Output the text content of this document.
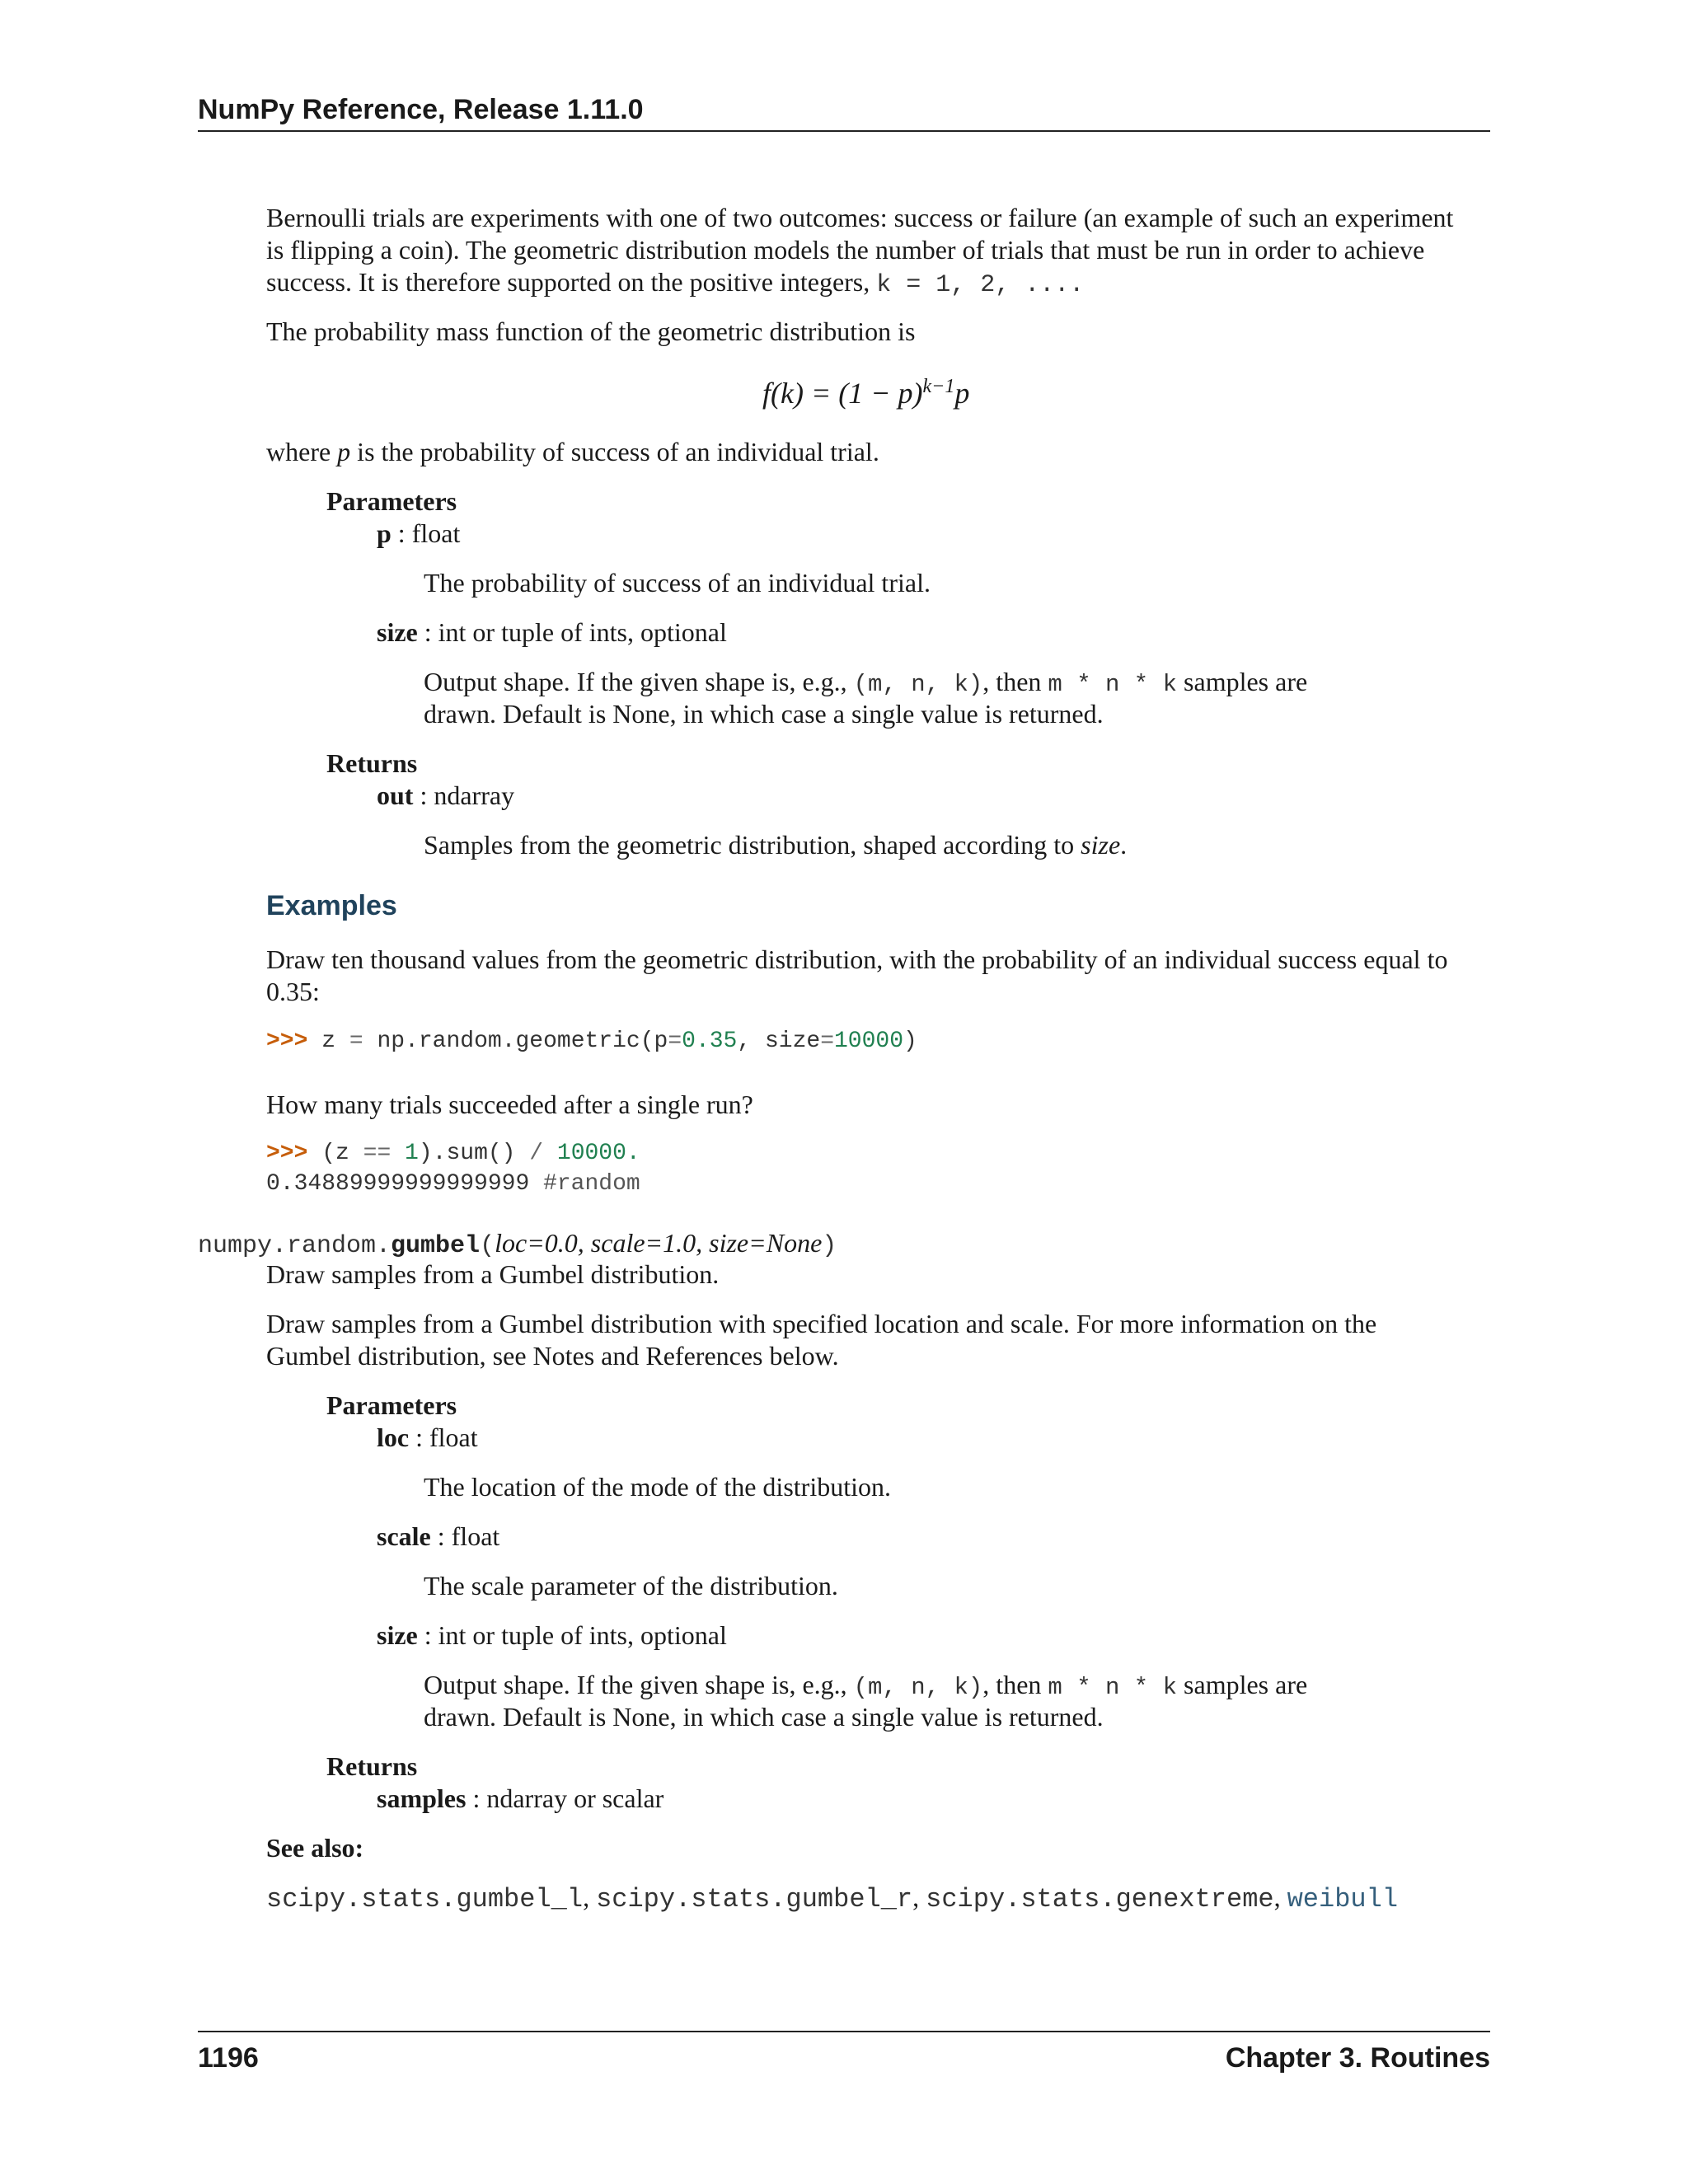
NumPy Reference, Release 1.11.0
Bernoulli trials are experiments with one of two outcomes: success or failure (an example of such an experiment
is flipping a coin). The geometric distribution models the number of trials that must be run in order to achieve
success. It is therefore supported on the positive integers, k = 1, 2, ....
The probability mass function of the geometric distribution is
$f(k) = (1 - p)^{k-1}p$
where p is the probability of success of an individual trial.
Parameters
p : float
The probability of success of an individual trial.
size : int or tuple of ints, optional
Output shape. If the given shape is, e.g., (m, n, k), then m * n * k samples are
drawn. Default is None, in which case a single value is returned.
Returns
out : ndarray
Samples from the geometric distribution, shaped according to size.
Examples
Draw ten thousand values from the geometric distribution, with the probability of an individual success equal to
0.35:
>>> z = np.random.geometric(p=0.35, size=10000)
How many trials succeeded after a single run?
>>> (z == 1).sum() / 10000.
0.34889999999999999 #random
numpy.random.gumbel(loc=0.0, scale=1.0, size=None)
Draw samples from a Gumbel distribution.
Draw samples from a Gumbel distribution with specified location and scale. For more information on the
Gumbel distribution, see Notes and References below.
Parameters
loc : float
The location of the mode of the distribution.
scale : float
The scale parameter of the distribution.
size : int or tuple of ints, optional
Output shape. If the given shape is, e.g., (m, n, k), then m * n * k samples are
drawn. Default is None, in which case a single value is returned.
Returns
samples : ndarray or scalar
See also:
scipy.stats.gumbel_l, scipy.stats.gumbel_r, scipy.stats.genextreme, weibull
1196	Chapter 3. Routines
